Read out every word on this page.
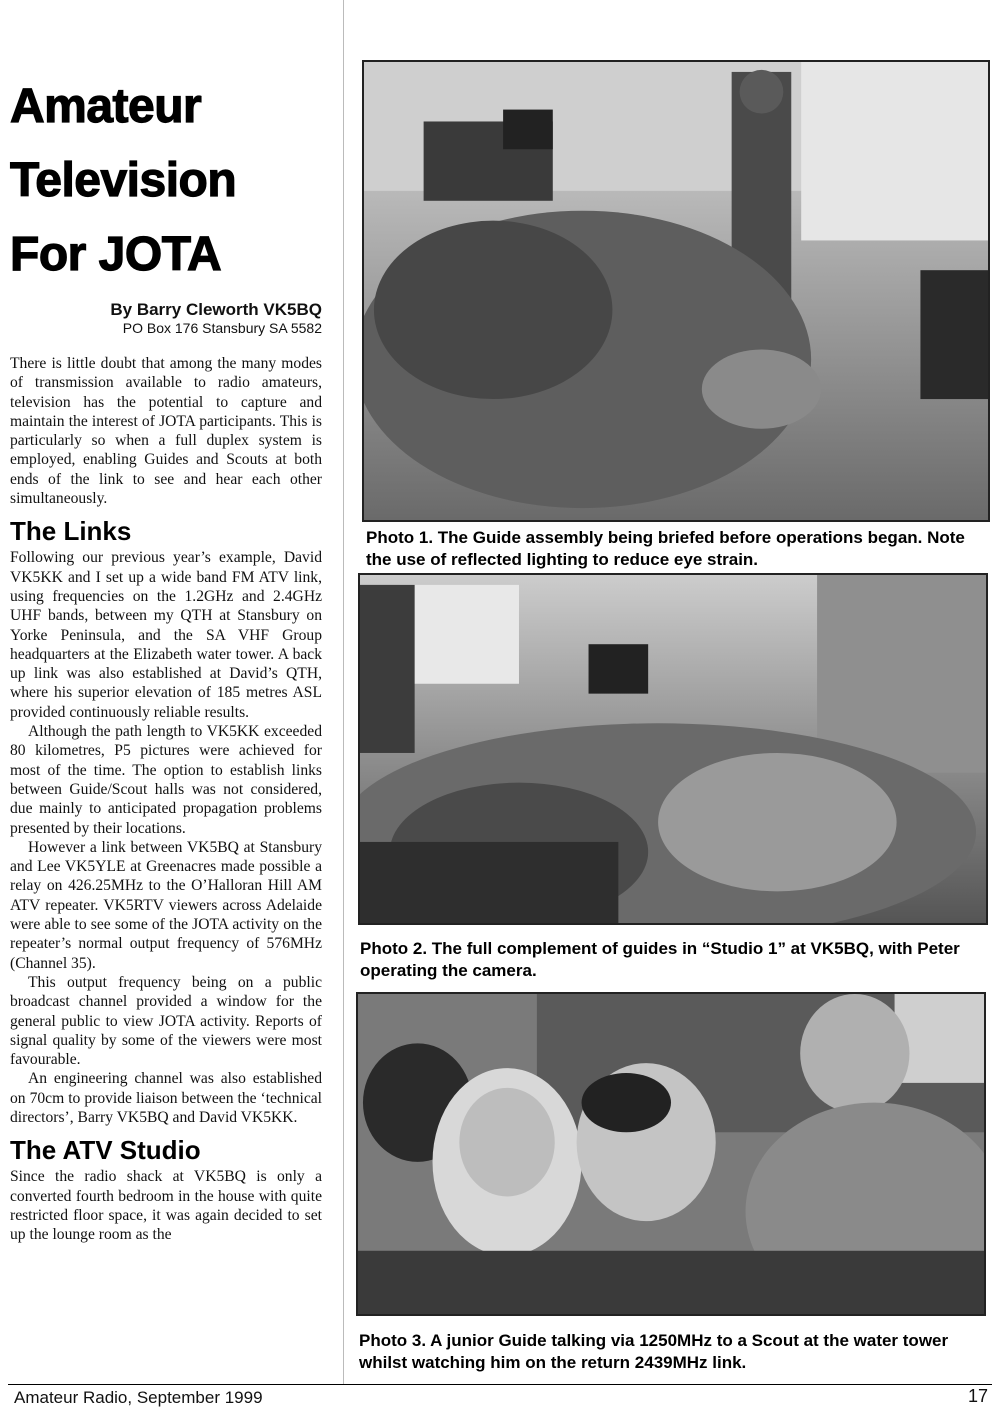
Amateur
Television
For JOTA
By Barry Cleworth VK5BQ
PO Box 176 Stansbury SA 5582

There is little doubt that among the many modes of transmission available to radio amateurs, television has the potential to capture and maintain the interest of JOTA participants. This is particularly so when a full duplex system is employed, enabling Guides and Scouts at both ends of the link to see and hear each other simultaneously.

The Links

Following our previous year’s example, David VK5KK and I set up a wide band FM ATV link, using frequencies on the 1.2GHz and 2.4GHz UHF bands, between my QTH at Stansbury on Yorke Peninsula, and the SA VHF Group headquarters at the Elizabeth water tower. A back up link was also established at David’s QTH, where his superior elevation of 185 metres ASL provided continuously reliable results.

Although the path length to VK5KK exceeded 80 kilometres, P5 pictures were achieved for most of the time. The option to establish links between Guide/Scout halls was not considered, due mainly to anticipated propagation problems presented by their locations.

However a link between VK5BQ at Stansbury and Lee VK5YLE at Greenacres made possible a relay on 426.25MHz to the O’Halloran Hill AM ATV repeater. VK5RTV viewers across Adelaide were able to see some of the JOTA activity on the repeater’s normal output frequency of 576MHz (Channel 35).

This output frequency being on a public broadcast channel provided a window for the general public to view JOTA activity. Reports of signal quality by some of the viewers were most favourable.

An engineering channel was also established on 70cm to provide liaison between the ‘technical directors’, Barry VK5BQ and David VK5KK.

The ATV Studio

Since the radio shack at VK5BQ is only a converted fourth bedroom in the house with quite restricted floor space, it was again decided to set up the lounge room as the

Photo 1. The Guide assembly being briefed before operations began. Note the use of reflected lighting to reduce eye strain.
Photo 2. The full complement of guides in “Studio 1” at VK5BQ, with Peter operating the camera.
Photo 3. A junior Guide talking via 1250MHz to a Scout at the water tower whilst watching him on the return 2439MHz link.
Amateur Radio, September 1999	17
